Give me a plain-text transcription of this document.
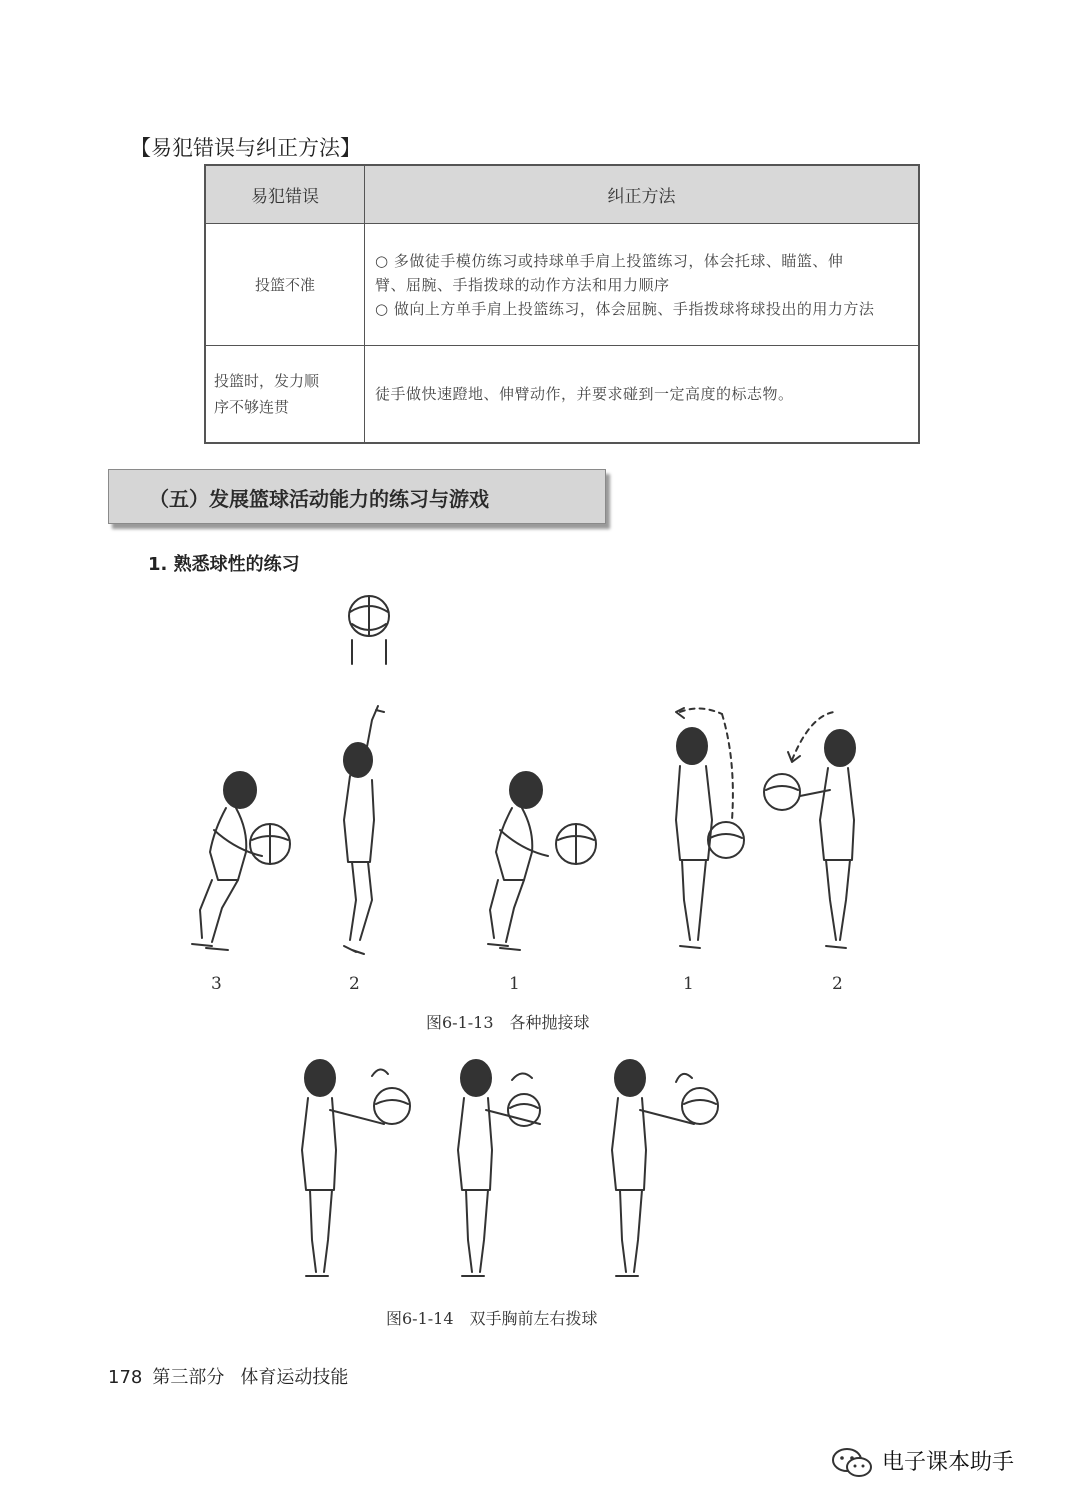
【易犯错误与纠正方法】
易犯错误	纠正方法
投篮不准	○ 多做徒手模仿练习或持球单手肩上投篮练习，体会托球、瞄篮、伸
臂、屈腕、手指拨球的动作方法和用力顺序
○ 做向上方单手肩上投篮练习，体会屈腕、手指拨球将球投出的用力方法

投篮时，发力顺
序不够连贯	徒手做快速蹬地、伸臂动作，并要求碰到一定高度的标志物。
（五）发展篮球活动能力的练习与游戏
1. 熟悉球性的练习
3	2	1	1	2
图6-1-13　各种抛接球
图6-1-14　双手胸前左右拨球
178 第三部分 体育运动技能
电子课本助手
